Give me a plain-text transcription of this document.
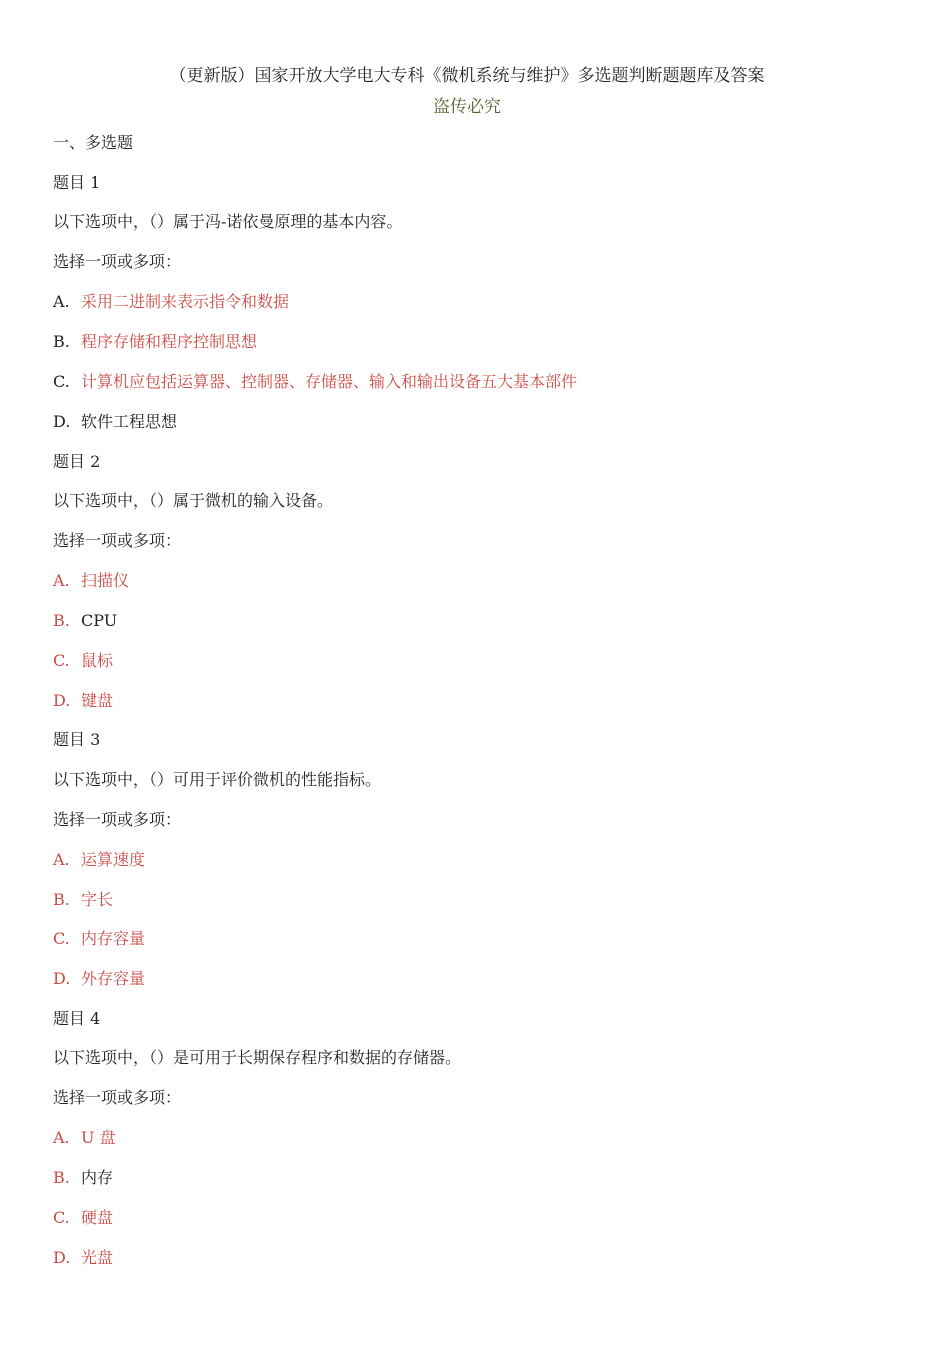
（更新版）国家开放大学电大专科《微机系统与维护》多选题判断题题库及答案
盗传必究
一、多选题
题目 1
以下选项中，（）属于冯-诺依曼原理的基本内容。
选择一项或多项：
A. 采用二进制来表示指令和数据
B. 程序存储和程序控制思想
C. 计算机应包括运算器、控制器、存储器、输入和输出设备五大基本部件
D. 软件工程思想
题目 2
以下选项中，（）属于微机的输入设备。
选择一项或多项：
A. 扫描仪
B. CPU
C. 鼠标
D. 键盘
题目 3
以下选项中，（）可用于评价微机的性能指标。
选择一项或多项：
A. 运算速度
B. 字长
C. 内存容量
D. 外存容量
题目 4
以下选项中，（）是可用于长期保存程序和数据的存储器。
选择一项或多项：
A. U 盘
B. 内存
C. 硬盘
D. 光盘
